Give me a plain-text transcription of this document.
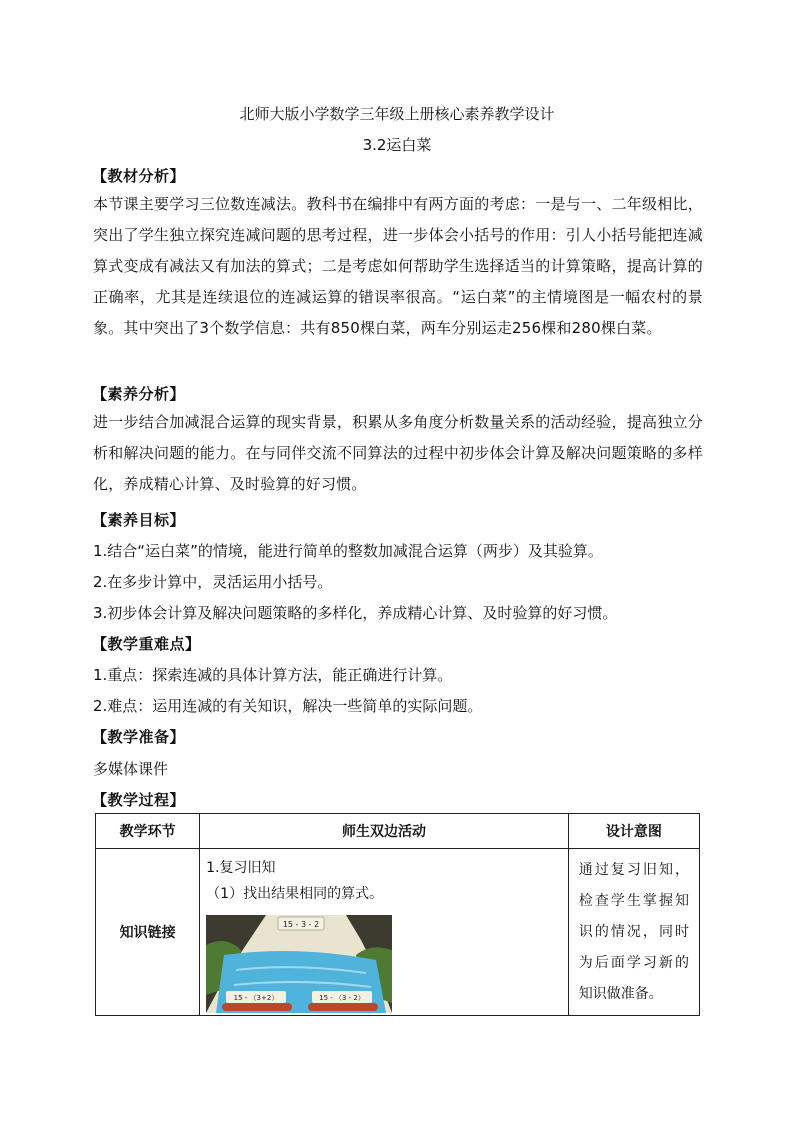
北师大版小学数学三年级上册核心素养教学设计
3.2运白菜
【教材分析】
本节课主要学习三位数连减法。教科书在编排中有两方面的考虑：一是与一、二年级相比，突出了学生独立探究连减问题的思考过程，进一步体会小括号的作用：引人小括号能把连减算式变成有减法又有加法的算式；二是考虑如何帮助学生选择适当的计算策略，提高计算的正确率，尤其是连续退位的连减运算的错误率很高。“运白菜”的主情境图是一幅农村的景象。其中突出了3个数学信息：共有850棵白菜，两车分别运走256棵和280棵白菜。
【素养分析】
进一步结合加减混合运算的现实背景，积累从多角度分析数量关系的活动经验，提高独立分析和解决问题的能力。在与同伴交流不同算法的过程中初步体会计算及解决问题策略的多样化，养成精心计算、及时验算的好习惯。
【素养目标】
1.结合“运白菜”的情境，能进行简单的整数加减混合运算（两步）及其验算。
2.在多步计算中，灵活运用小括号。
3.初步体会计算及解决问题策略的多样化，养成精心计算、及时验算的好习惯。
【教学重难点】
1.重点：探索连减的具体计算方法，能正确进行计算。
2.难点：运用连减的有关知识，解决一些简单的实际问题。
【教学准备】
多媒体课件
【教学过程】
教学环节	师生双边活动	设计意图
知识链接	1.复习旧知
（1）找出结果相同的算式。
15 - 3 - 2
15 - （3+2） 15 - （3 - 2）	通过复习旧知，检查学生掌握知识的情况，同时为后面学习新的知识做准备。
